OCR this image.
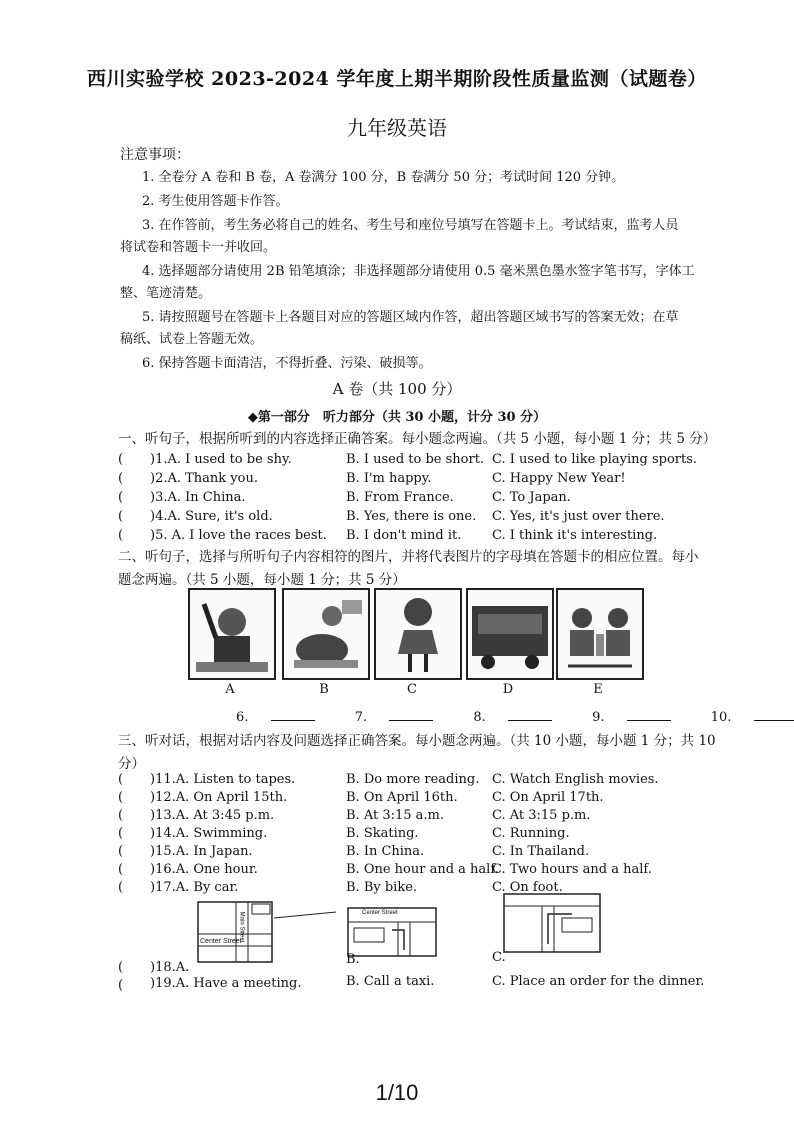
西川实验学校 2023-2024 学年度上期半期阶段性质量监测（试题卷）
九年级英语
注意事项：
1. 全卷分 A 卷和 B 卷，A 卷满分 100 分，B 卷满分 50 分；考试时间 120 分钟。
2. 考生使用答题卡作答。
3. 在作答前，考生务必将自己的姓名、考生号和座位号填写在答题卡上。考试结束，监考人员
将试卷和答题卡一并收回。
4. 选择题部分请使用 2B 铅笔填涂；非选择题部分请使用 0.5 毫米黑色墨水签字笔书写，字体工
整、笔迹清楚。
5. 请按照题号在答题卡上各题目对应的答题区域内作答，超出答题区域书写的答案无效；在草
稿纸、试卷上答题无效。
6. 保持答题卡面清洁，不得折叠、污染、破损等。
A 卷（共 100 分）
◆第一部分　听力部分（共 30 小题，计分 30 分）
一、听句子，根据所听到的内容选择正确答案。每小题念两遍。（共 5 小题，每小题 1 分；共 5 分）
( )1.A. I used to be shy.	B. I used to be short. C. I used to like playing sports.
( )2.A. Thank you.	B. I'm happy.	C. Happy New Year!
( )3.A. In China.	B. From France.	C. To Japan.
( )4.A. Sure, it's old.	B. Yes, there is one. C. Yes, it's just over there.
( )5. A. I love the races best. B. I don't mind it. C. I think it's interesting.
二、听句子，选择与所听句子内容相符的图片，并将代表图片的字母填在答题卡的相应位置。每小
题念两遍。（共 5 小题，每小题 1 分；共 5 分）
A	B	C	D	E
6.	7.	8.	9.	10.
三、听对话，根据对话内容及问题选择正确答案。每小题念两遍。（共 10 小题，每小题 1 分；共 10
分）
( )11.A. Listen to tapes.	B. Do more reading. C. Watch English movies.
( )12.A. On April 15th.	B. On April 16th.	C. On April 17th.
( )13.A. At 3:45 p.m.	B. At 3:15 a.m.	C. At 3:15 p.m.
( )14.A. Swimming.	B. Skating.	C. Running.
( )15.A. In Japan.	B. In China.	C. In Thailand.
( )16.A. One hour.	B. One hour and a half.
C. Two hours and a half.
( )17.A. By car.	B. By bike.	C. On foot.
Center Street
Main Street	Center Street
( )18.A.
B.	C.
( )19.A. Have a meeting.	B. Call a taxi.	C. Place an order for the dinner.
1/10
